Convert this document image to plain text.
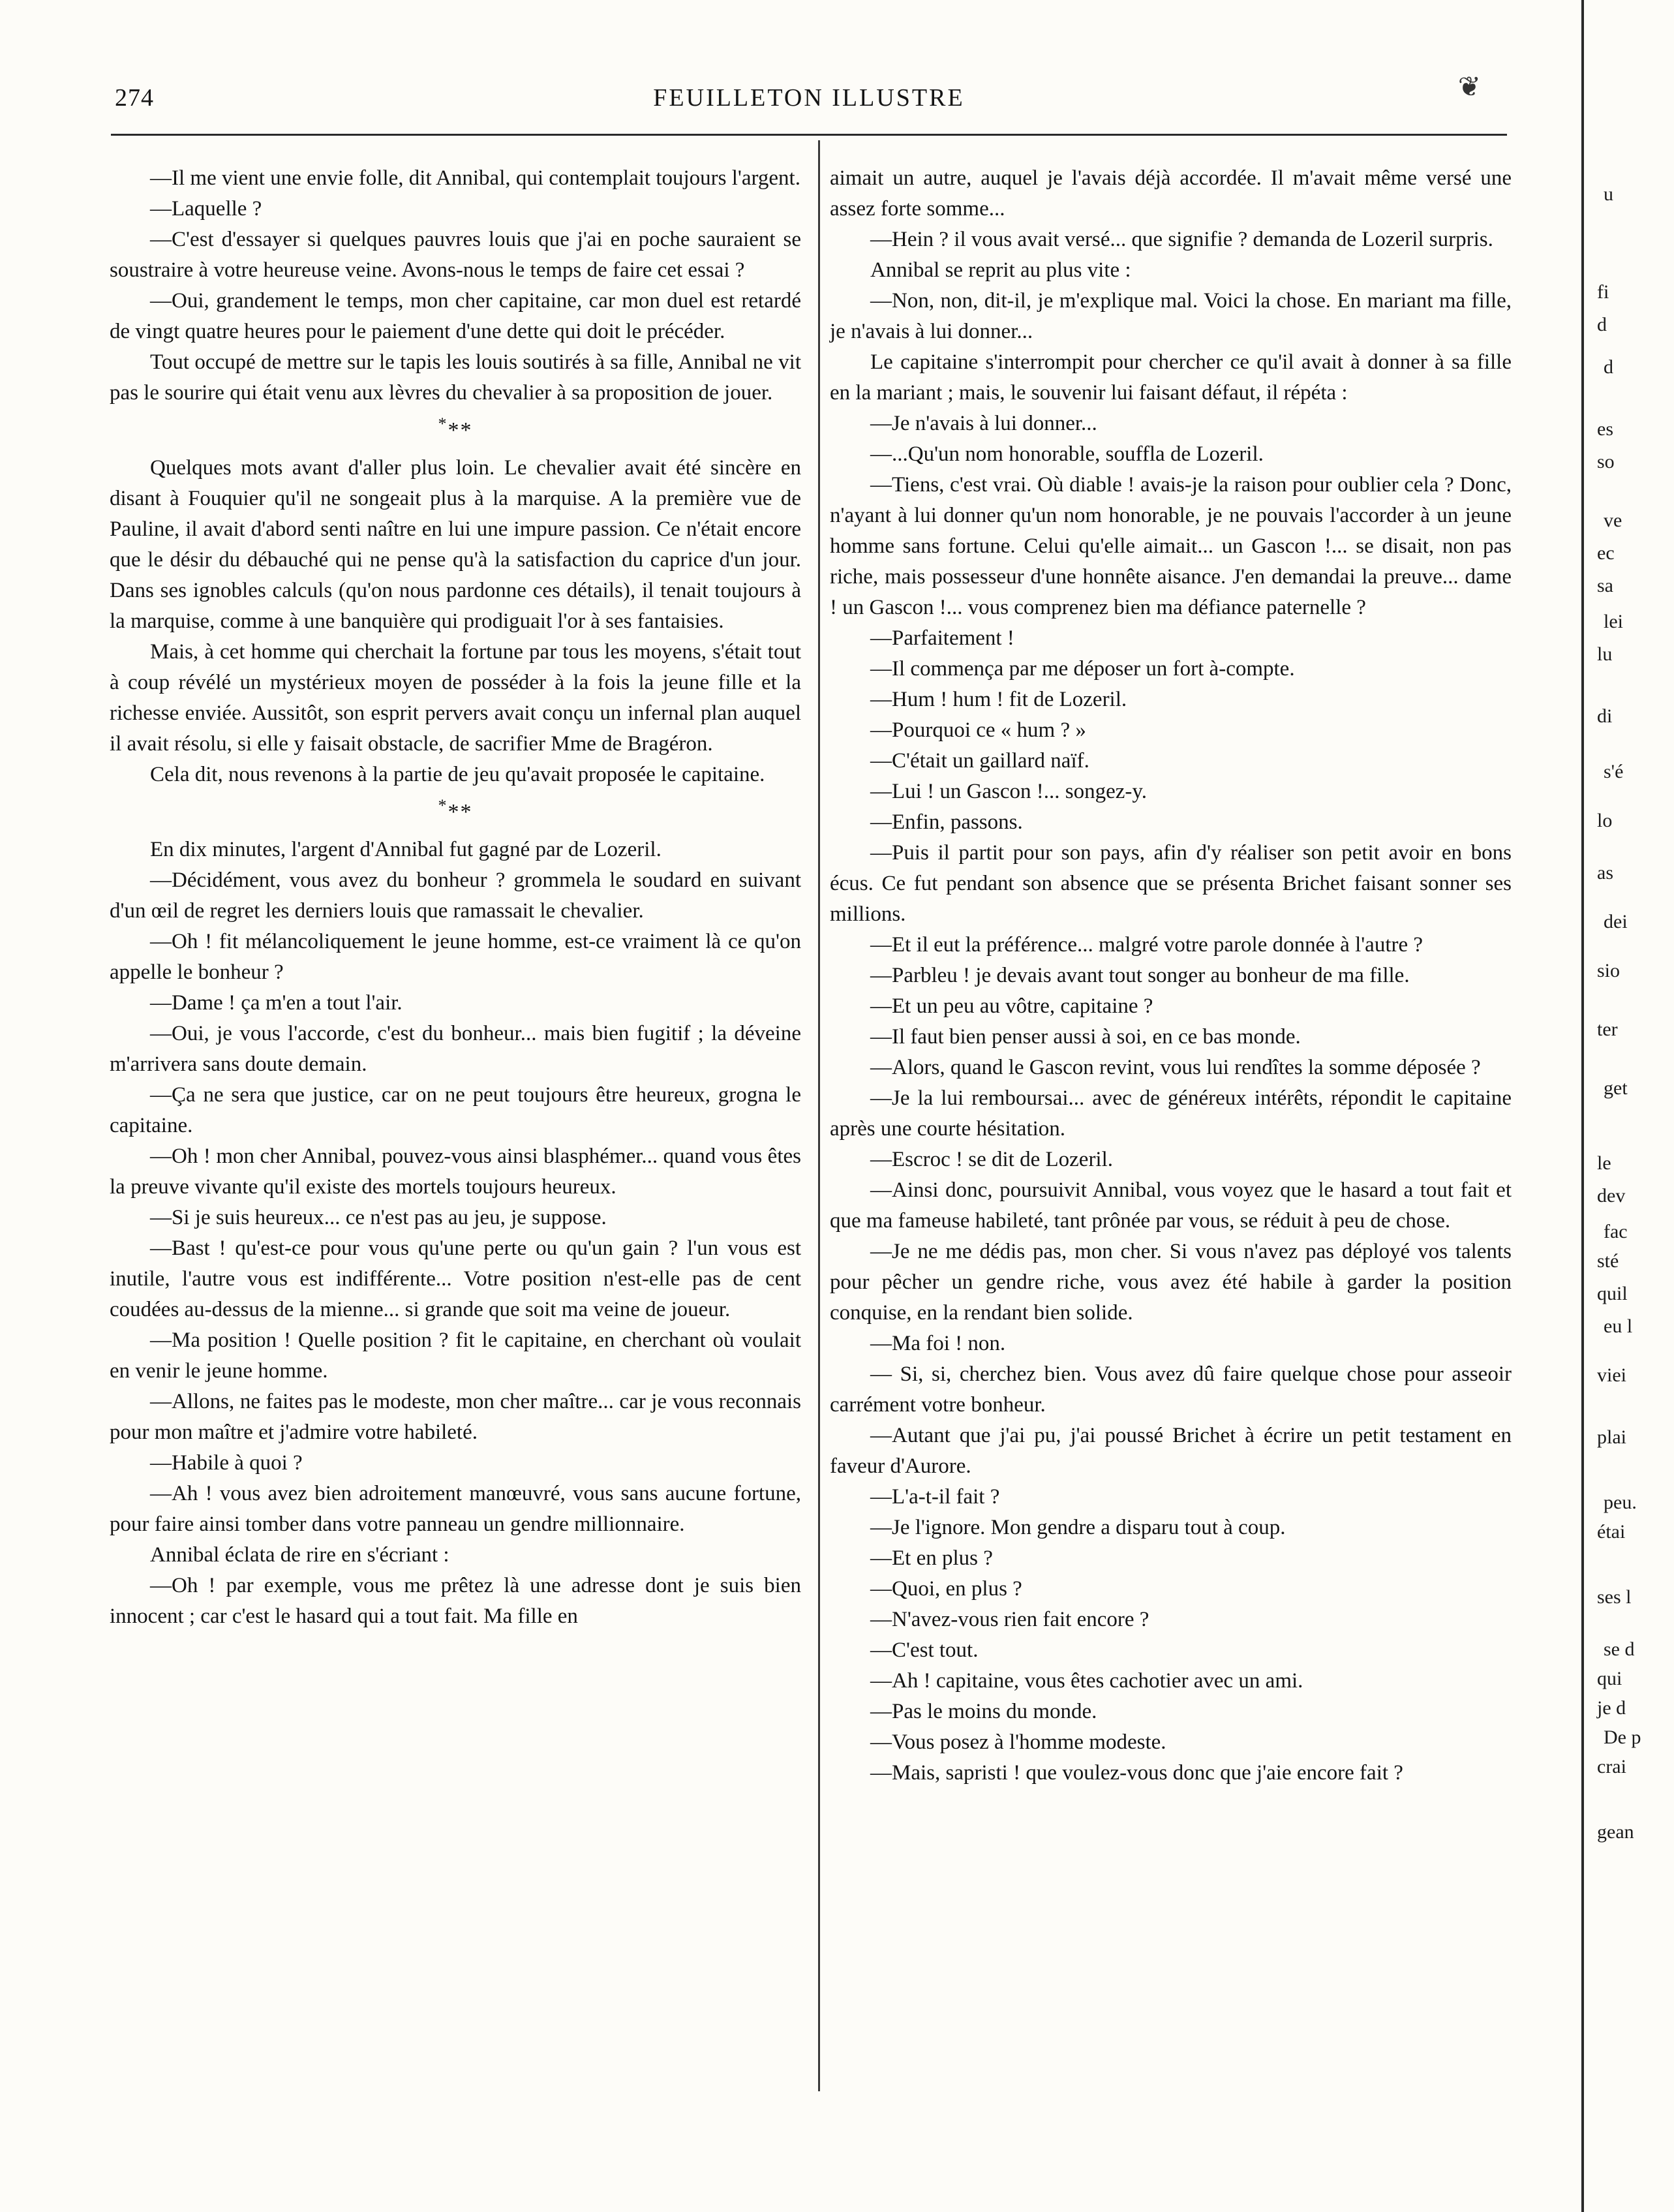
274	FEUILLETON ILLUSTRE	❦

—Il me vient une envie folle, dit Annibal, qui contemplait toujours l'argent.

—Laquelle ?

—C'est d'essayer si quelques pauvres louis que j'ai en poche sauraient se soustraire à votre heureuse veine. Avons-nous le temps de faire cet essai ?

—Oui, grandement le temps, mon cher capitaine, car mon duel est retardé de vingt quatre heures pour le paiement d'une dette qui doit le précéder.

Tout occupé de mettre sur le tapis les louis soutirés à sa fille, Annibal ne vit pas le sourire qui était venu aux lèvres du chevalier à sa proposition de jouer.

***

Quelques mots avant d'aller plus loin. Le chevalier avait été sincère en disant à Fouquier qu'il ne songeait plus à la marquise. A la première vue de Pauline, il avait d'abord senti naître en lui une impure passion. Ce n'était encore que le désir du débauché qui ne pense qu'à la satisfaction du caprice d'un jour. Dans ses ignobles calculs (qu'on nous pardonne ces détails), il tenait toujours à la marquise, comme à une banquière qui prodiguait l'or à ses fantaisies.

Mais, à cet homme qui cherchait la fortune par tous les moyens, s'était tout à coup révélé un mystérieux moyen de posséder à la fois la jeune fille et la richesse enviée. Aussitôt, son esprit pervers avait conçu un infernal plan auquel il avait résolu, si elle y faisait obstacle, de sacrifier Mme de Bragéron.

Cela dit, nous revenons à la partie de jeu qu'avait proposée le capitaine.

***

En dix minutes, l'argent d'Annibal fut gagné par de Lozeril.

—Décidément, vous avez du bonheur ? grommela le soudard en suivant d'un œil de regret les derniers louis que ramassait le chevalier.

—Oh ! fit mélancoliquement le jeune homme, est-ce vraiment là ce qu'on appelle le bonheur ?

—Dame ! ça m'en a tout l'air.

—Oui, je vous l'accorde, c'est du bonheur... mais bien fugitif ; la déveine m'arrivera sans doute demain.

—Ça ne sera que justice, car on ne peut toujours être heureux, grogna le capitaine.

—Oh ! mon cher Annibal, pouvez-vous ainsi blasphémer... quand vous êtes la preuve vivante qu'il existe des mortels toujours heureux.

—Si je suis heureux... ce n'est pas au jeu, je suppose.

—Bast ! qu'est-ce pour vous qu'une perte ou qu'un gain ? l'un vous est inutile, l'autre vous est indifférente... Votre position n'est-elle pas de cent coudées au-dessus de la mienne... si grande que soit ma veine de joueur.

—Ma position ! Quelle position ? fit le capitaine, en cherchant où voulait en venir le jeune homme.

—Allons, ne faites pas le modeste, mon cher maître... car je vous reconnais pour mon maître et j'admire votre habileté.

—Habile à quoi ?

—Ah ! vous avez bien adroitement manœuvré, vous sans aucune fortune, pour faire ainsi tomber dans votre panneau un gendre millionnaire.

Annibal éclata de rire en s'écriant :

—Oh ! par exemple, vous me prêtez là une adresse dont je suis bien innocent ; car c'est le hasard qui a tout fait. Ma fille en

aimait un autre, auquel je l'avais déjà accordée. Il m'avait même versé une assez forte somme...

—Hein ? il vous avait versé... que signifie ? demanda de Lozeril surpris.

Annibal se reprit au plus vite :

—Non, non, dit-il, je m'explique mal. Voici la chose. En mariant ma fille, je n'avais à lui donner...

Le capitaine s'interrompit pour chercher ce qu'il avait à donner à sa fille en la mariant ; mais, le souvenir lui faisant défaut, il répéta :

—Je n'avais à lui donner...

—...Qu'un nom honorable, souffla de Lozeril.

—Tiens, c'est vrai. Où diable ! avais-je la raison pour oublier cela ? Donc, n'ayant à lui donner qu'un nom honorable, je ne pouvais l'accorder à un jeune homme sans fortune. Celui qu'elle aimait... un Gascon !... se disait, non pas riche, mais possesseur d'une honnête aisance. J'en demandai la preuve... dame ! un Gascon !... vous comprenez bien ma défiance paternelle ?

—Parfaitement !

—Il commença par me déposer un fort à-compte.

—Hum ! hum ! fit de Lozeril.

—Pourquoi ce « hum ? »

—C'était un gaillard naïf.

—Lui ! un Gascon !... songez-y.

—Enfin, passons.

—Puis il partit pour son pays, afin d'y réaliser son petit avoir en bons écus. Ce fut pendant son absence que se présenta Brichet faisant sonner ses millions.

—Et il eut la préférence... malgré votre parole donnée à l'autre ?

—Parbleu ! je devais avant tout songer au bonheur de ma fille.

—Et un peu au vôtre, capitaine ?

—Il faut bien penser aussi à soi, en ce bas monde.

—Alors, quand le Gascon revint, vous lui rendîtes la somme déposée ?

—Je la lui remboursai... avec de généreux intérêts, répondit le capitaine après une courte hésitation.

—Escroc ! se dit de Lozeril.

—Ainsi donc, poursuivit Annibal, vous voyez que le hasard a tout fait et que ma fameuse habileté, tant prônée par vous, se réduit à peu de chose.

—Je ne me dédis pas, mon cher. Si vous n'avez pas déployé vos talents pour pêcher un gendre riche, vous avez été habile à garder la position conquise, en la rendant bien solide.

—Ma foi ! non.

— Si, si, cherchez bien. Vous avez dû faire quelque chose pour asseoir carrément votre bonheur.

—Autant que j'ai pu, j'ai poussé Brichet à écrire un petit testament en faveur d'Aurore.

—L'a-t-il fait ?

—Je l'ignore. Mon gendre a disparu tout à coup.

—Et en plus ?

—Quoi, en plus ?

—N'avez-vous rien fait encore ?

—C'est tout.

—Ah ! capitaine, vous êtes cachotier avec un ami.

—Pas le moins du monde.

—Vous posez à l'homme modeste.

—Mais, sapristi ! que voulez-vous donc que j'aie encore fait ?

u
fi
d
d
es
so
ve
ec
sa
lei
lu
di
s'é
lo
as
dei
sio
ter
get
le
dev
fac
sté
quil
eu l
viei
plai
peu.
étai
ses l
se d
qui
je d
De p
crai
gean
